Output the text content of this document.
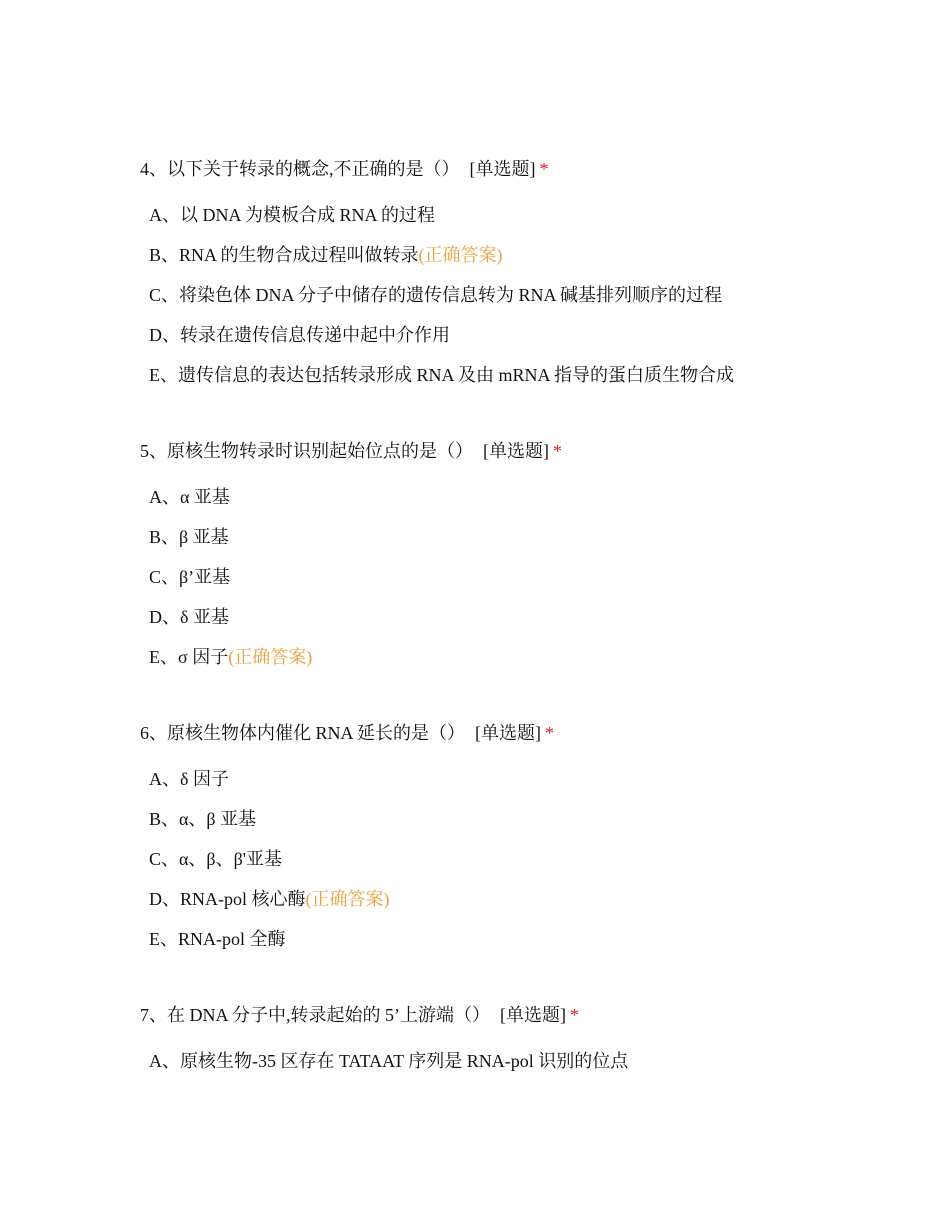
4、以下关于转录的概念,不正确的是（） [单选题] *
A、以 DNA 为模板合成 RNA 的过程
B、RNA 的生物合成过程叫做转录(正确答案)
C、将染色体 DNA 分子中储存的遗传信息转为 RNA 碱基排列顺序的过程
D、转录在遗传信息传递中起中介作用
E、遗传信息的表达包括转录形成 RNA 及由 mRNA 指导的蛋白质生物合成
5、原核生物转录时识别起始位点的是（） [单选题] *
A、α 亚基
B、β 亚基
C、β’亚基
D、δ 亚基
E、σ 因子(正确答案)
6、原核生物体内催化 RNA 延长的是（） [单选题] *
A、δ 因子
B、α、β 亚基
C、α、β、β'亚基
D、RNA-pol 核心酶(正确答案)
E、RNA-pol 全酶
7、在 DNA 分子中,转录起始的 5’上游端（） [单选题] *
A、原核生物-35 区存在 TATAAT 序列是 RNA-pol 识别的位点
